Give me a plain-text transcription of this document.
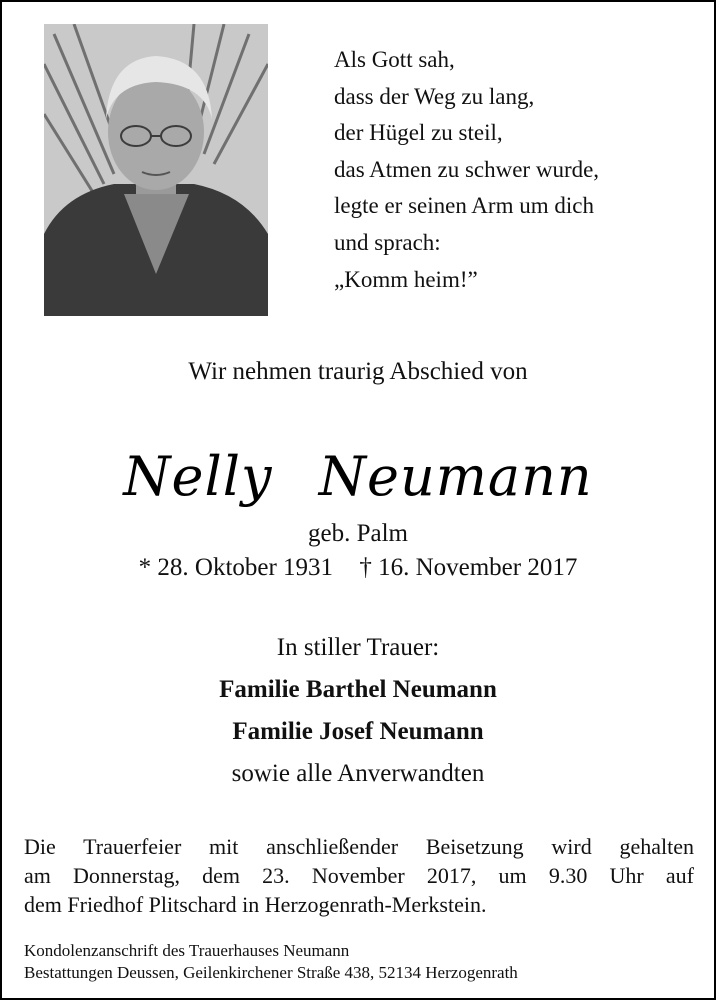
Als Gott sah,
dass der Weg zu lang,
der Hügel zu steil,
das Atmen zu schwer wurde,
legte er seinen Arm um dich
und sprach:
„Komm heim!”
Wir nehmen traurig Abschied von
Nelly Neumann
geb. Palm
* 28. Oktober 1931 † 16. November 2017
In stiller Trauer:
Familie Barthel Neumann
Familie Josef Neumann
sowie alle Anverwandten
Die Trauerfeier mit anschließender Beisetzung wird gehalten
am Donnerstag, dem 23. November 2017, um 9.30 Uhr auf
dem Friedhof Plitschard in Herzogenrath-Merkstein.
Kondolenzanschrift des Trauerhauses Neumann
Bestattungen Deussen, Geilenkirchener Straße 438, 52134 Herzogenrath
